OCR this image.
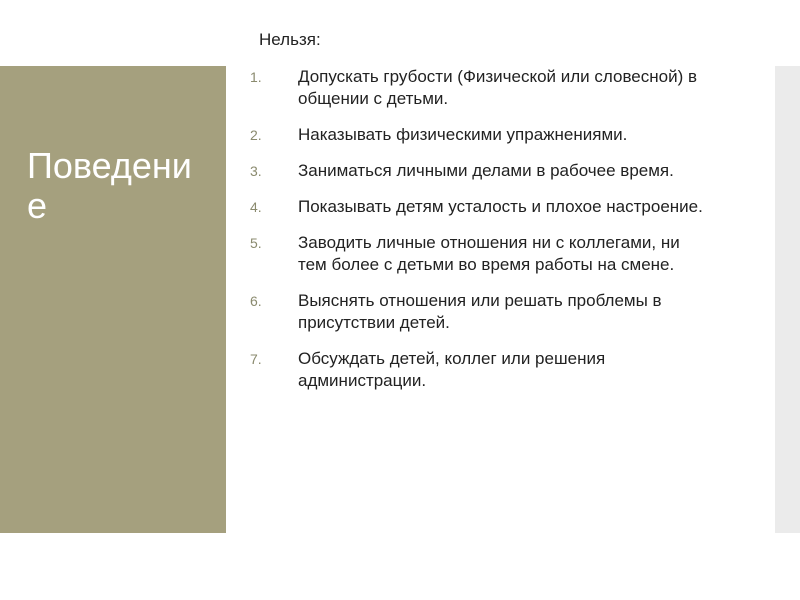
Поведение
Нельзя:
1.	Допускать грубости (Физической или словесной) в общении с детьми.
2.	Наказывать физическими упражнениями.
3.	Заниматься личными делами в рабочее время.
4.	Показывать детям усталость и плохое настроение.
5.	Заводить личные отношения ни с коллегами, ни тем более с детьми во время работы на смене.
6.	Выяснять отношения или решать проблемы в присутствии детей.
7.	Обсуждать детей, коллег или решения администрации.
